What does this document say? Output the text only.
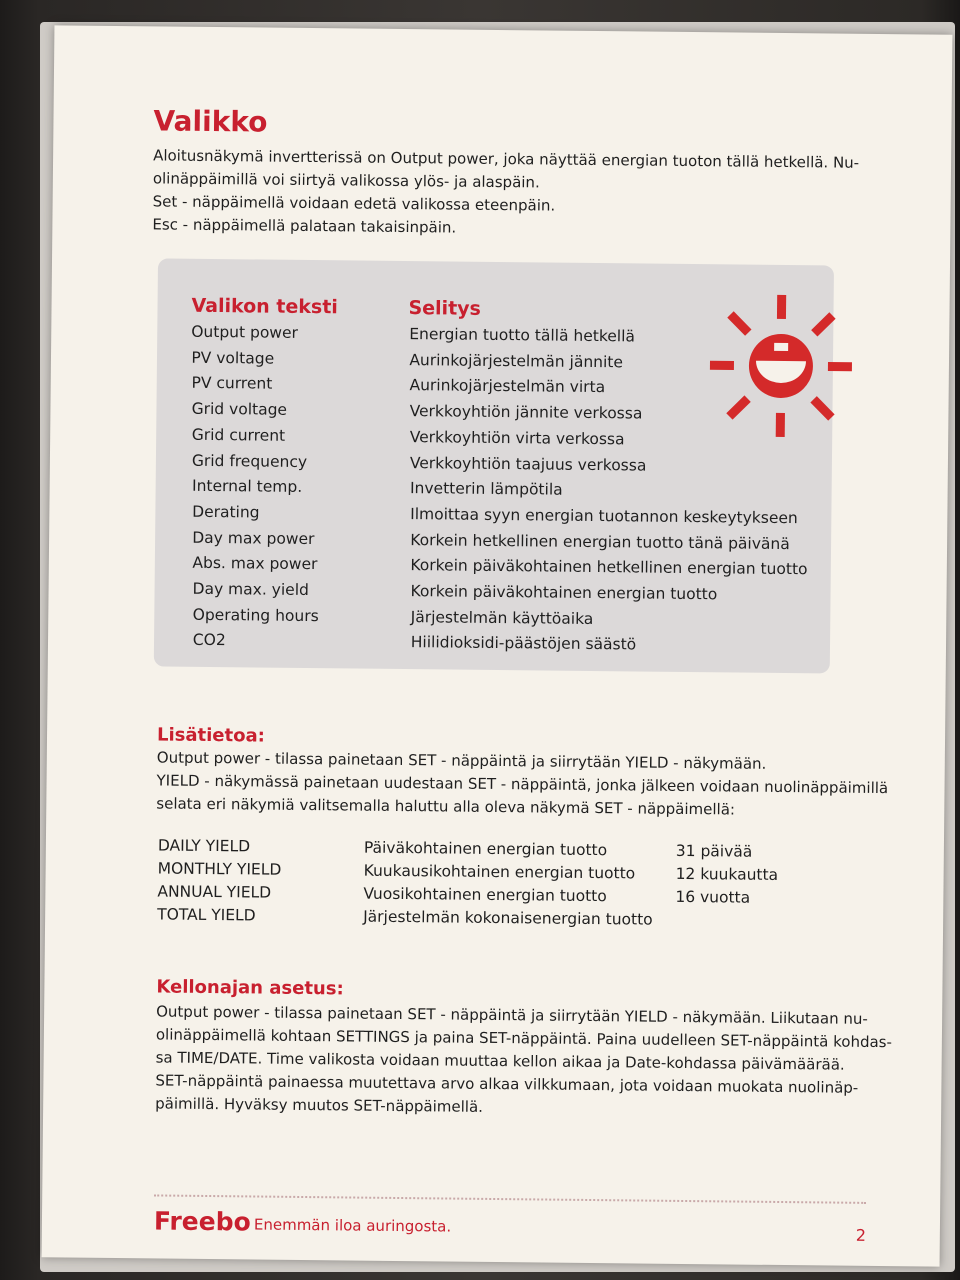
Valikko
Aloitusnäkymä invertterissä on Output power, joka näyttää energian tuoton tällä hetkellä. Nu-
olinäppäimillä voi siirtyä valikossa ylös- ja alaspäin.
Set - näppäimellä voidaan edetä valikossa eteenpäin.
Esc - näppäimellä palataan takaisinpäin.
Valikon teksti	Selitys
Output power	Energian tuotto tällä hetkellä
PV voltage	Aurinkojärjestelmän jännite
PV current	Aurinkojärjestelmän virta
Grid voltage	Verkkoyhtiön jännite verkossa
Grid current	Verkkoyhtiön virta verkossa
Grid frequency	Verkkoyhtiön taajuus verkossa
Internal temp.	Invetterin lämpötila
Derating	Ilmoittaa syyn energian tuotannon keskeytykseen
Day max power	Korkein hetkellinen energian tuotto tänä päivänä
Abs. max power	Korkein päiväkohtainen hetkellinen energian tuotto
Day max. yield	Korkein päiväkohtainen energian tuotto
Operating hours	Järjestelmän käyttöaika
CO2	Hiilidioksidi-päästöjen säästö
Lisätietoa:
Output power - tilassa painetaan SET - näppäintä ja siirrytään YIELD - näkymään.
YIELD - näkymässä painetaan uudestaan SET - näppäintä, jonka jälkeen voidaan nuolinäppäimillä
selata eri näkymiä valitsemalla haluttu alla oleva näkymä SET - näppäimellä:
DAILY YIELD	Päiväkohtainen energian tuotto	31 päivää
MONTHLY YIELD	Kuukausikohtainen energian tuotto	12 kuukautta
ANNUAL YIELD	Vuosikohtainen energian tuotto	16 vuotta
TOTAL YIELD	Järjestelmän kokonaisenergian tuotto
Kellonajan asetus:
Output power - tilassa painetaan SET - näppäintä ja siirrytään YIELD - näkymään. Liikutaan nu-
olinäppäimellä kohtaan SETTINGS ja paina SET-näppäintä. Paina uudelleen SET-näppäintä kohdas-
sa TIME/DATE. Time valikosta voidaan muuttaa kellon aikaa ja Date-kohdassa päivämäärää.
SET-näppäintä painaessa muutettava arvo alkaa vilkkumaan, jota voidaan muokata nuolinäp-
päimillä. Hyväksy muutos SET-näppäimellä.
Freebo Enemmän iloa auringosta.	2
